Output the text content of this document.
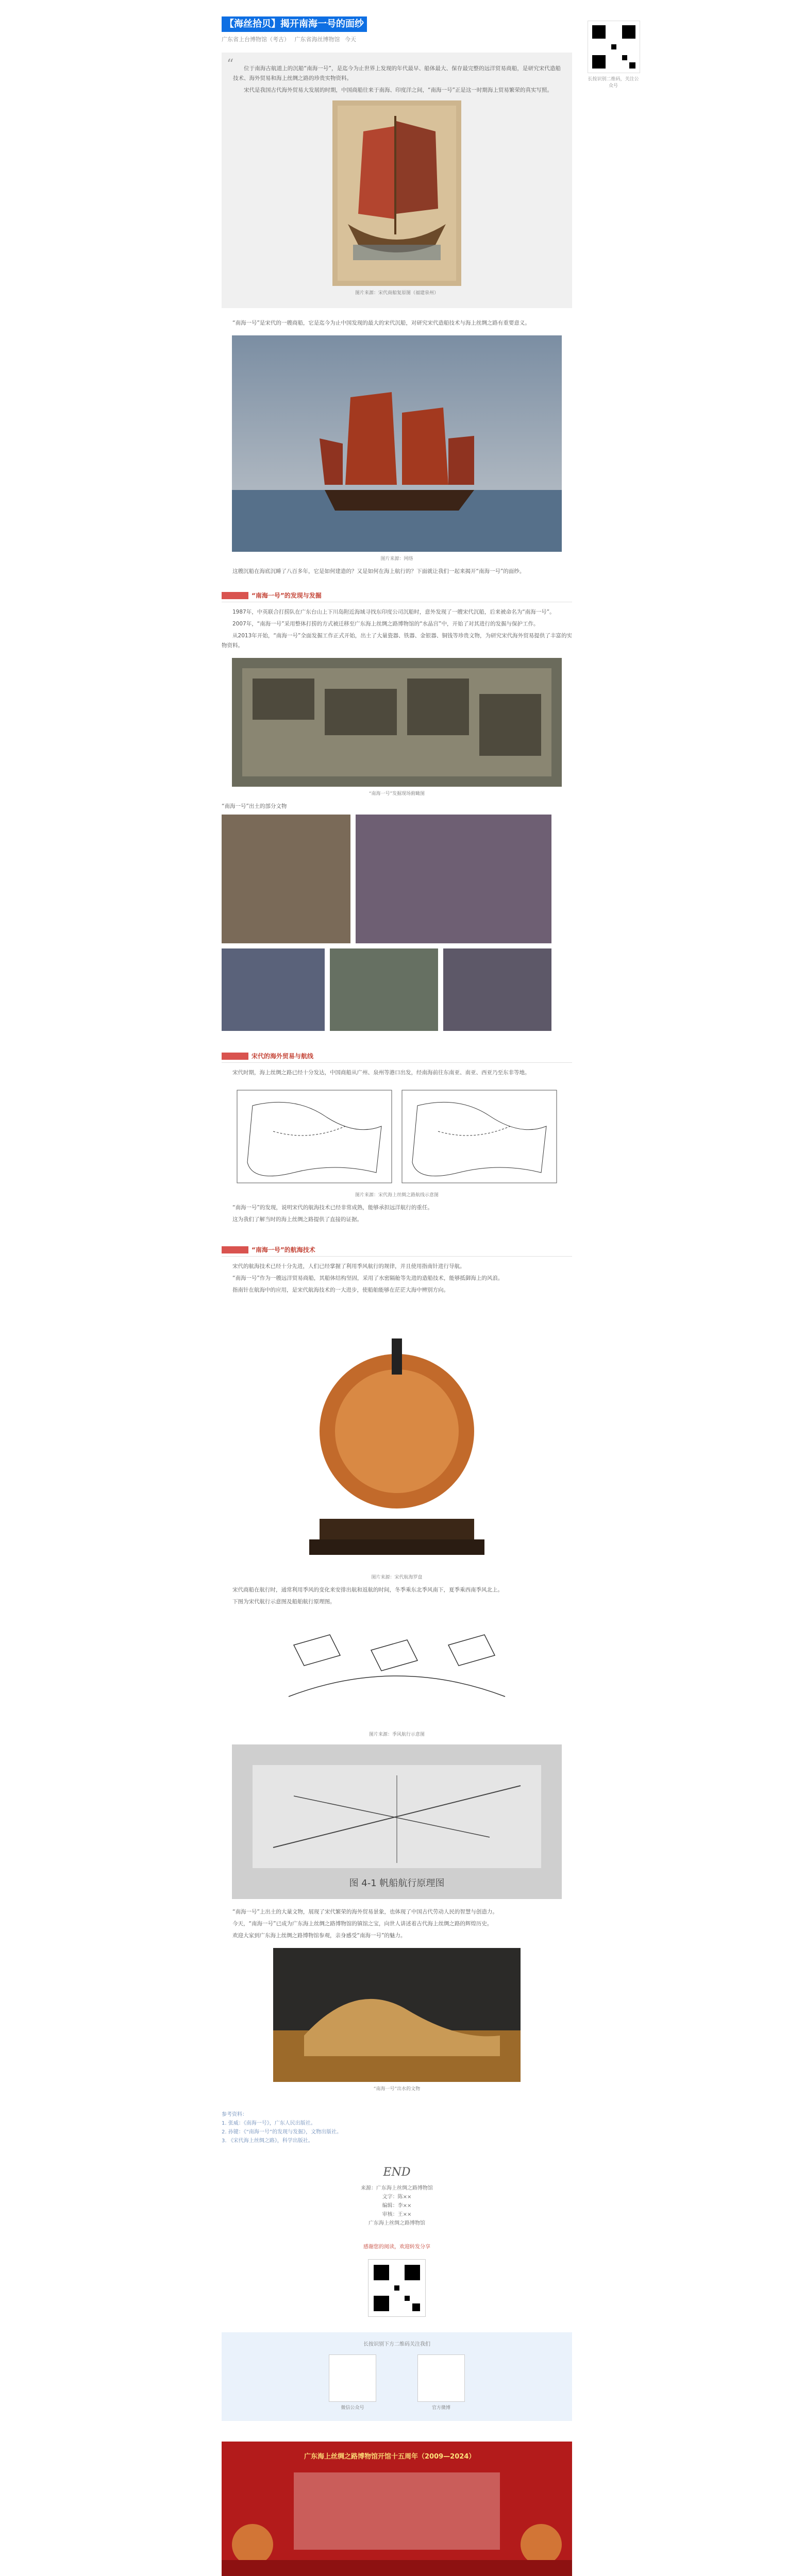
【海丝拾贝】揭开南海一号的面纱
广东省上台博物馆（考古） 广东省海丝博物馆 今天
“	位于南海古航道上的沉船“南海一号”，是迄今为止世界上发现的年代最早、船体最大、保存最完整的远洋贸易商船，是研究宋代造船技术、海外贸易和海上丝绸之路的珍贵实物资料。

宋代是我国古代海外贸易大发展的时期，中国商船往来于南海、印度洋之间，“南海一号”正是这一时期海上贸易繁荣的真实写照。

图片来源：宋代商船复原图（福建泉州）

“南海一号”是宋代的一艘商船，它是迄今为止中国发现的最大的宋代沉船，对研究宋代造船技术与海上丝绸之路有重要意义。

图片来源：网络

这艘沉船在海底沉睡了八百多年，它是如何建造的？又是如何在海上航行的？下面就让我们一起来揭开“南海一号”的面纱。

“南海一号”的发现与发掘

1987年，中英联合打捞队在广东台山上下川岛附近海域寻找东印度公司沉船时，意外发现了一艘宋代沉船，后来被命名为“南海一号”。

2007年，“南海一号”采用整体打捞的方式被迁移至广东海上丝绸之路博物馆的“水晶宫”中，开始了对其进行的发掘与保护工作。

从2013年开始，“南海一号”全面发掘工作正式开始，出土了大量瓷器、铁器、金银器、铜钱等珍贵文物，为研究宋代海外贸易提供了丰富的实物资料。

“南海一号”发掘现场俯瞰图

“南海一号”出土的部分文物

宋代的海外贸易与航线

宋代时期，海上丝绸之路已经十分发达，中国商船从广州、泉州等港口出发，经南海前往东南亚、南亚、西亚乃至东非等地。

图片来源：宋代海上丝绸之路航线示意图

“南海一号”的发现，说明宋代的航海技术已经非常成熟，能够承担远洋航行的重任。

这为我们了解当时的海上丝绸之路提供了直接的证据。

“南海一号”的航海技术

宋代的航海技术已经十分先进，人们已经掌握了利用季风航行的规律，并且使用指南针进行导航。

“南海一号”作为一艘远洋贸易商船，其船体结构坚固，采用了水密隔舱等先进的造船技术，能够抵御海上的风浪。

指南针在航海中的应用，是宋代航海技术的一大进步，使船舶能够在茫茫大海中辨别方向。

图片来源：宋代航海罗盘

宋代商船在航行时，通常利用季风的变化来安排出航和返航的时间，冬季乘东北季风南下，夏季乘西南季风北上。

下图为宋代航行示意图及船舶航行原理图。

图片来源：季风航行示意图
图 4-1 帆船航行原理图

“南海一号”上出土的大量文物，展现了宋代繁荣的海外贸易景象，也体现了中国古代劳动人民的智慧与创造力。

今天，“南海一号”已成为广东海上丝绸之路博物馆的镇馆之宝，向世人讲述着古代海上丝绸之路的辉煌历史。

欢迎大家到广东海上丝绸之路博物馆参观，亲身感受“南海一号”的魅力。

“南海一号”出水的文物
参考资料：
1. 张威：《南海一号》，广东人民出版社。
2. 孙键：《“南海一号”的发现与发掘》，文物出版社。
3. 《宋代海上丝绸之路》，科学出版社。
END
来源：广东海上丝绸之路博物馆
文字：陈××
编辑：李××
审核：王××
广东海上丝绸之路博物馆
感谢您的阅读，欢迎转发分享
长按识别下方二维码关注我们
微信公众号	官方微博
广东海上丝绸之路博物馆开馆十五周年（2009—2024）
长按识别二维码，关注公众号
